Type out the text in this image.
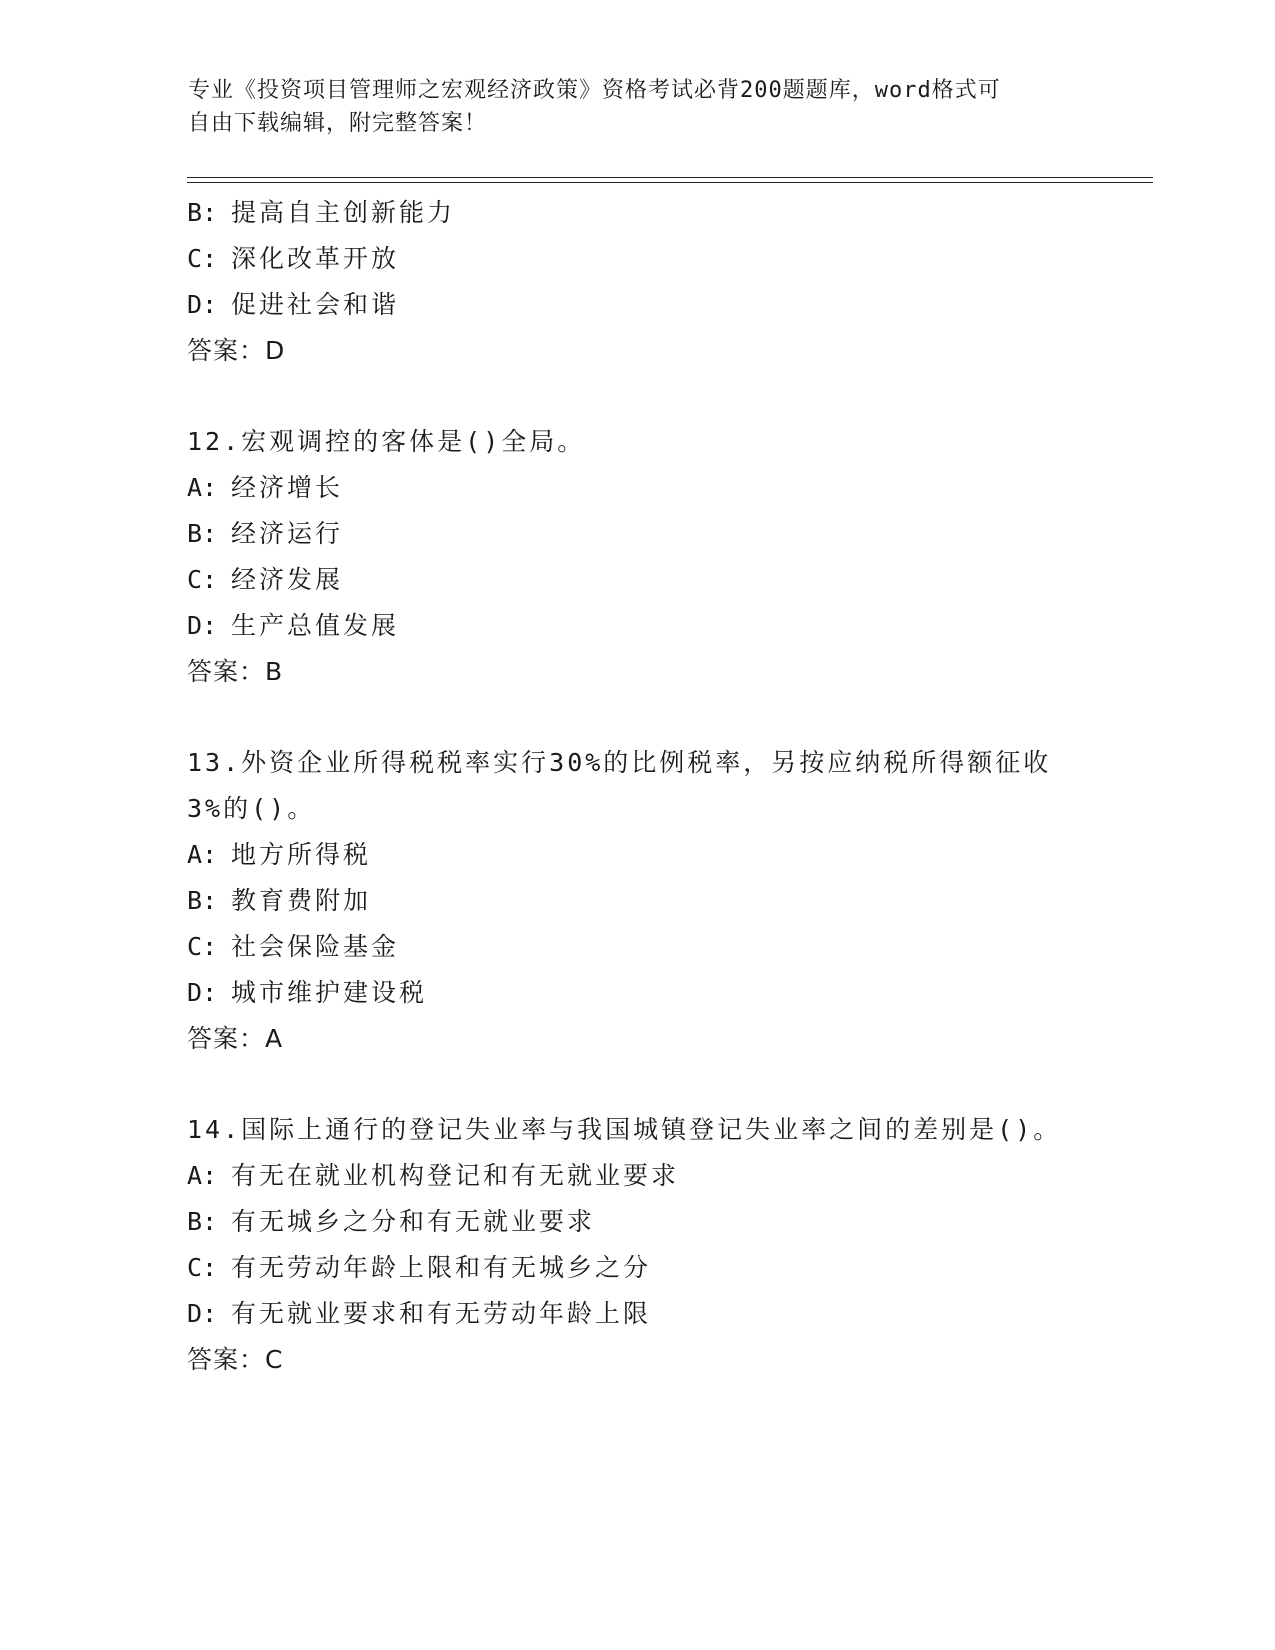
专业《投资项目管理师之宏观经济政策》资格考试必背200题题库，word格式可
自由下载编辑，附完整答案！
B: 提高自主创新能力
C: 深化改革开放
D: 促进社会和谐
答案：D
12.宏观调控的客体是()全局。
A: 经济增长
B: 经济运行
C: 经济发展
D: 生产总值发展
答案：B
13.外资企业所得税税率实行30%的比例税率，另按应纳税所得额征收
3%的()。
A: 地方所得税
B: 教育费附加
C: 社会保险基金
D: 城市维护建设税
答案：A
14.国际上通行的登记失业率与我国城镇登记失业率之间的差别是()。
A: 有无在就业机构登记和有无就业要求
B: 有无城乡之分和有无就业要求
C: 有无劳动年龄上限和有无城乡之分
D: 有无就业要求和有无劳动年龄上限
答案：C
